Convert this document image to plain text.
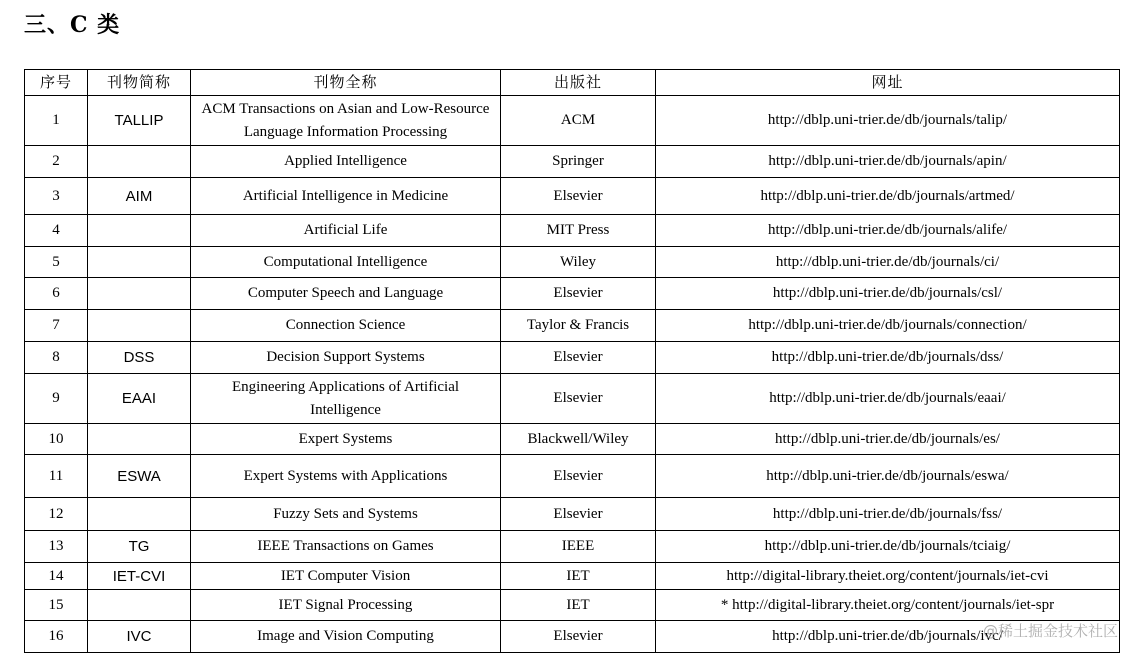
三、C 类
序号	刊物简称	刊物全称	出版社	网址
1	TALLIP	ACM Transactions on Asian and Low-Resource Language Information Processing	ACM	http://dblp.uni-trier.de/db/journals/talip/
2		Applied Intelligence	Springer	http://dblp.uni-trier.de/db/journals/apin/
3	AIM	Artificial Intelligence in Medicine	Elsevier	http://dblp.uni-trier.de/db/journals/artmed/
4		Artificial Life	MIT Press	http://dblp.uni-trier.de/db/journals/alife/
5		Computational Intelligence	Wiley	http://dblp.uni-trier.de/db/journals/ci/
6		Computer Speech and Language	Elsevier	http://dblp.uni-trier.de/db/journals/csl/
7		Connection Science	Taylor & Francis	http://dblp.uni-trier.de/db/journals/connection/
8	DSS	Decision Support Systems	Elsevier	http://dblp.uni-trier.de/db/journals/dss/
9	EAAI	Engineering Applications of Artificial Intelligence	Elsevier	http://dblp.uni-trier.de/db/journals/eaai/
10		Expert Systems	Blackwell/Wiley	http://dblp.uni-trier.de/db/journals/es/
11	ESWA	Expert Systems with Applications	Elsevier	http://dblp.uni-trier.de/db/journals/eswa/
12		Fuzzy Sets and Systems	Elsevier	http://dblp.uni-trier.de/db/journals/fss/
13	TG	IEEE Transactions on Games	IEEE	http://dblp.uni-trier.de/db/journals/tciaig/
14	IET-CVI	IET Computer Vision	IET	http://digital-library.theiet.org/content/journals/iet-cvi
15		IET Signal Processing	IET	* http://digital-library.theiet.org/content/journals/iet-spr
16	IVC	Image and Vision Computing	Elsevier	http://dblp.uni-trier.de/db/journals/ivc/
@稀土掘金技术社区
